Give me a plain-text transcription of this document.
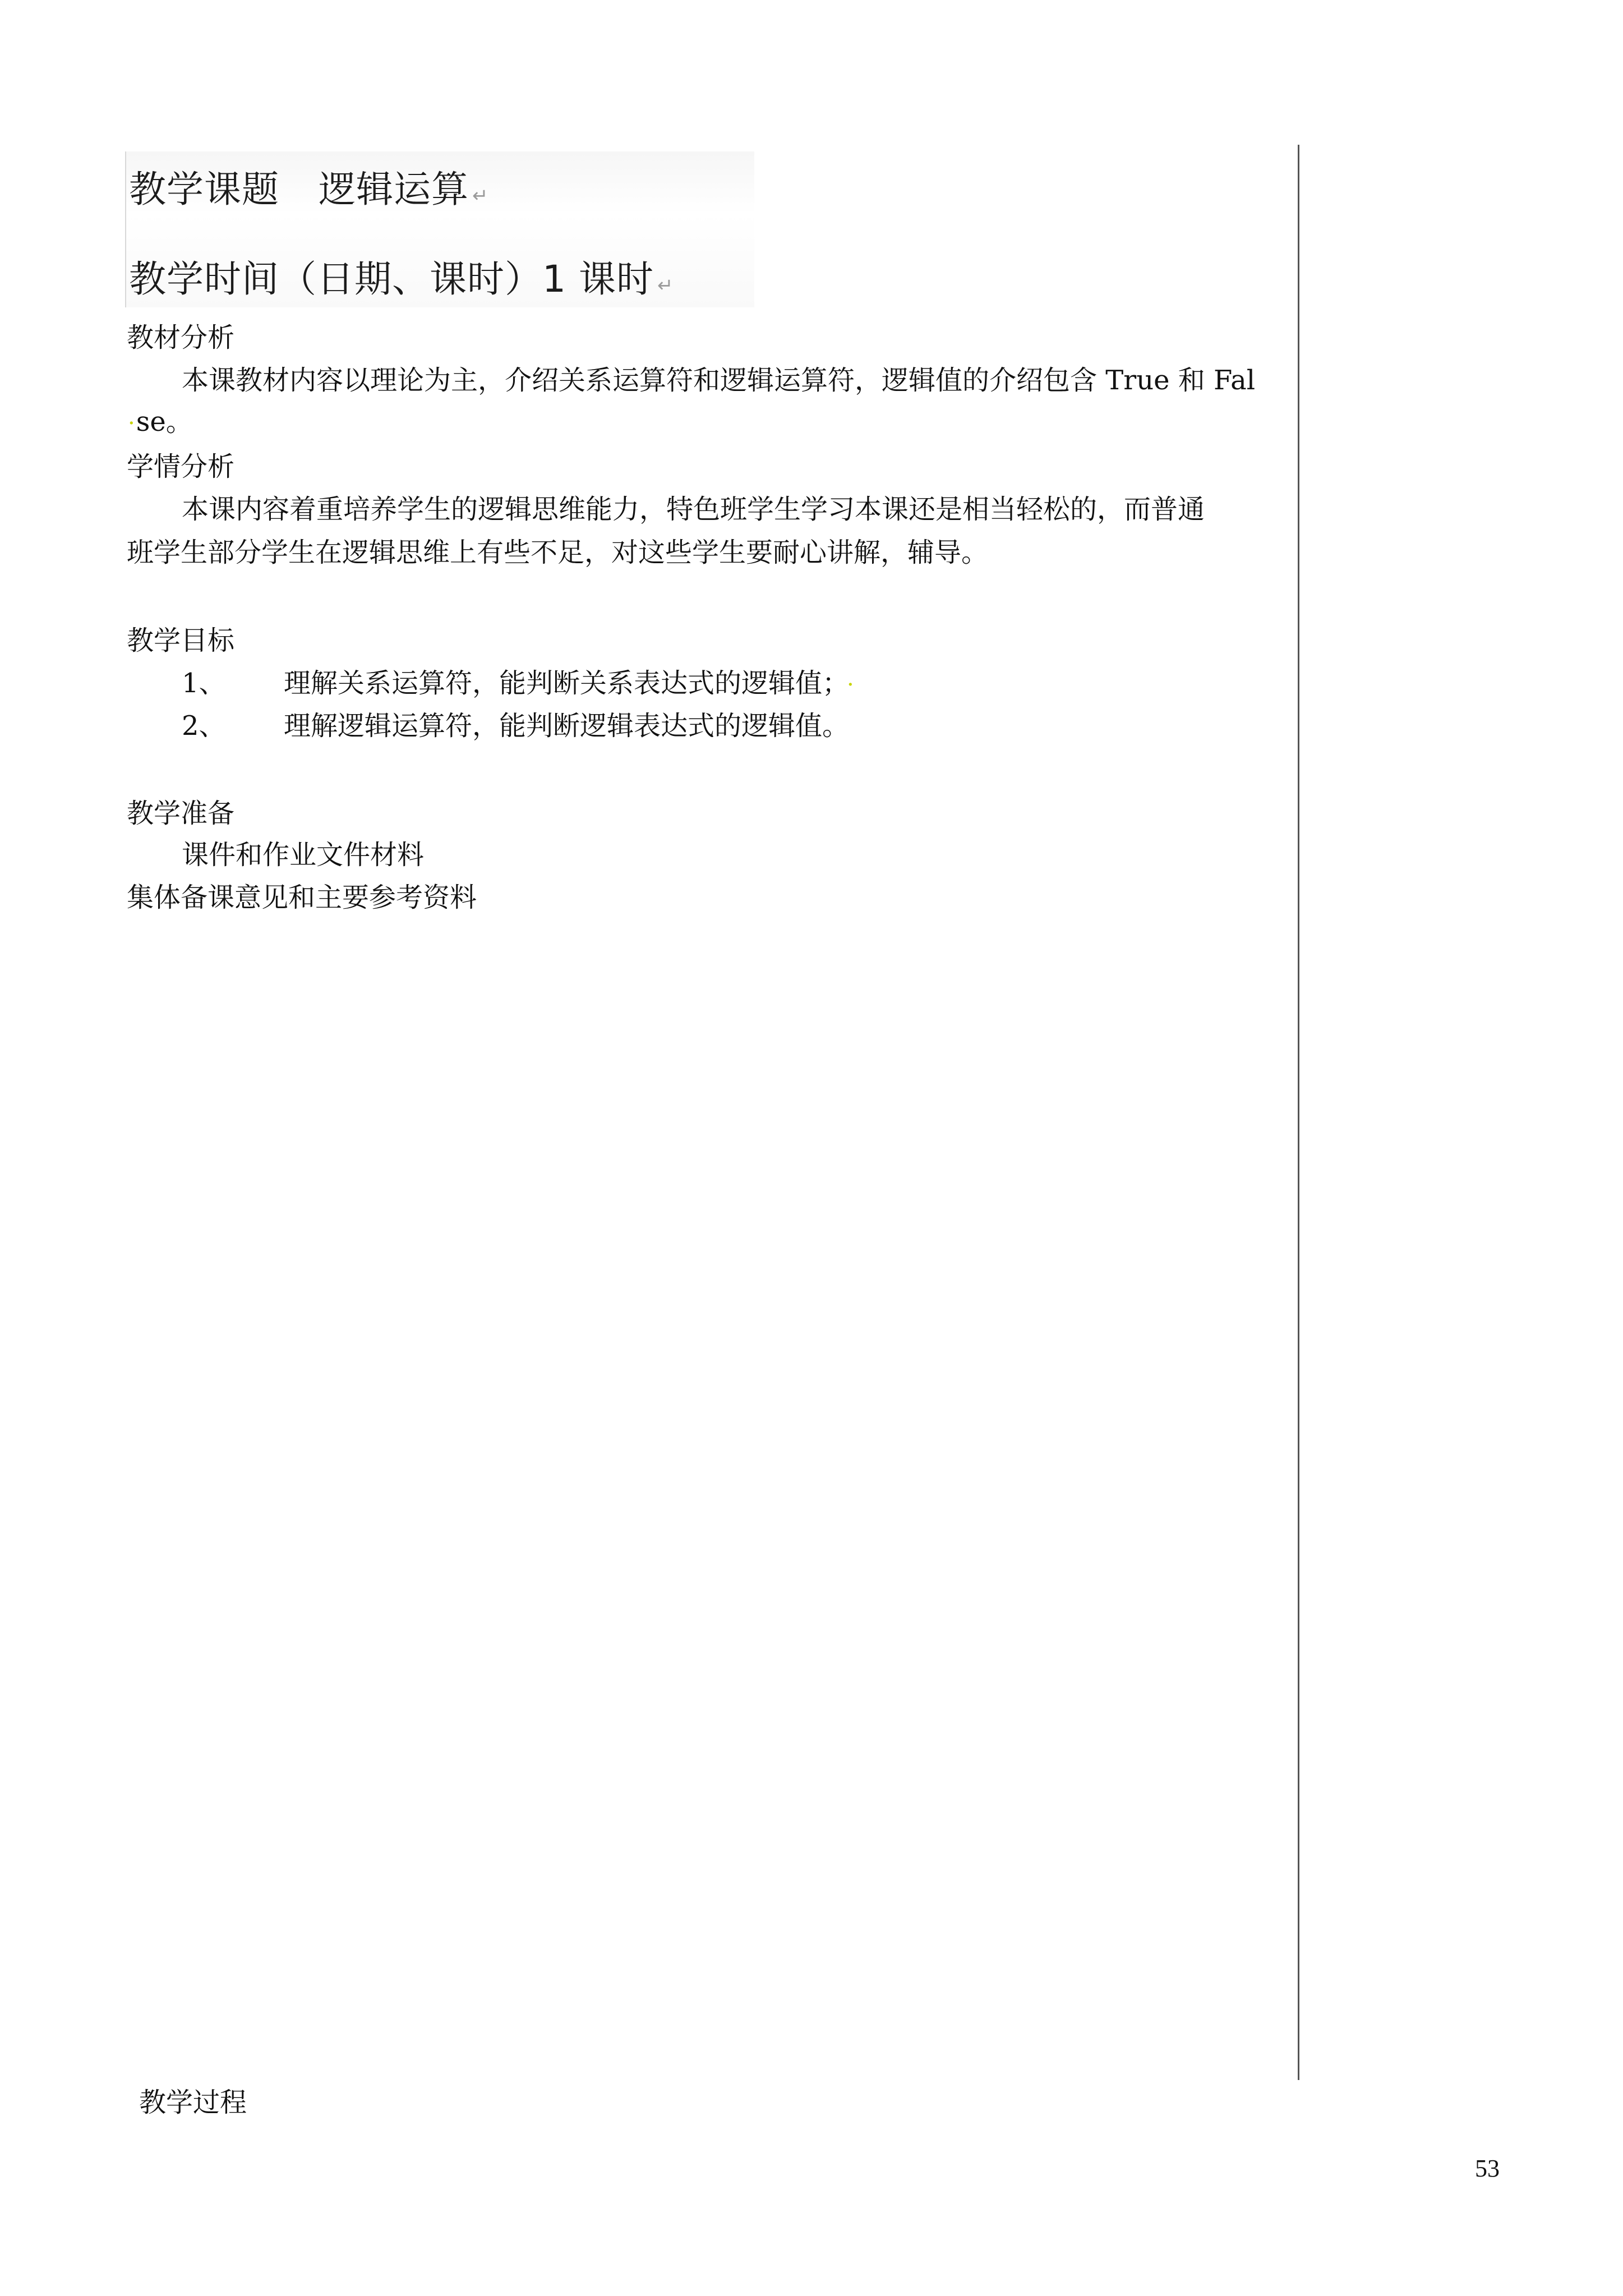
教学课题 逻辑运算 ↵
教学时间（日期、课时）1 课时 ↵
教材分析
本课教材内容以理论为主，介绍关系运算符和逻辑运算符，逻辑值的介绍包含 True 和 Fal
·se。
学情分析
本课内容着重培养学生的逻辑思维能力，特色班学生学习本课还是相当轻松的，而普通
班学生部分学生在逻辑思维上有些不足，对这些学生要耐心讲解，辅导。
教学目标
1、 理解关系运算符，能判断关系表达式的逻辑值； ·
2、 理解逻辑运算符，能判断逻辑表达式的逻辑值。
教学准备
课件和作业文件材料
集体备课意见和主要参考资料
教学过程
53
